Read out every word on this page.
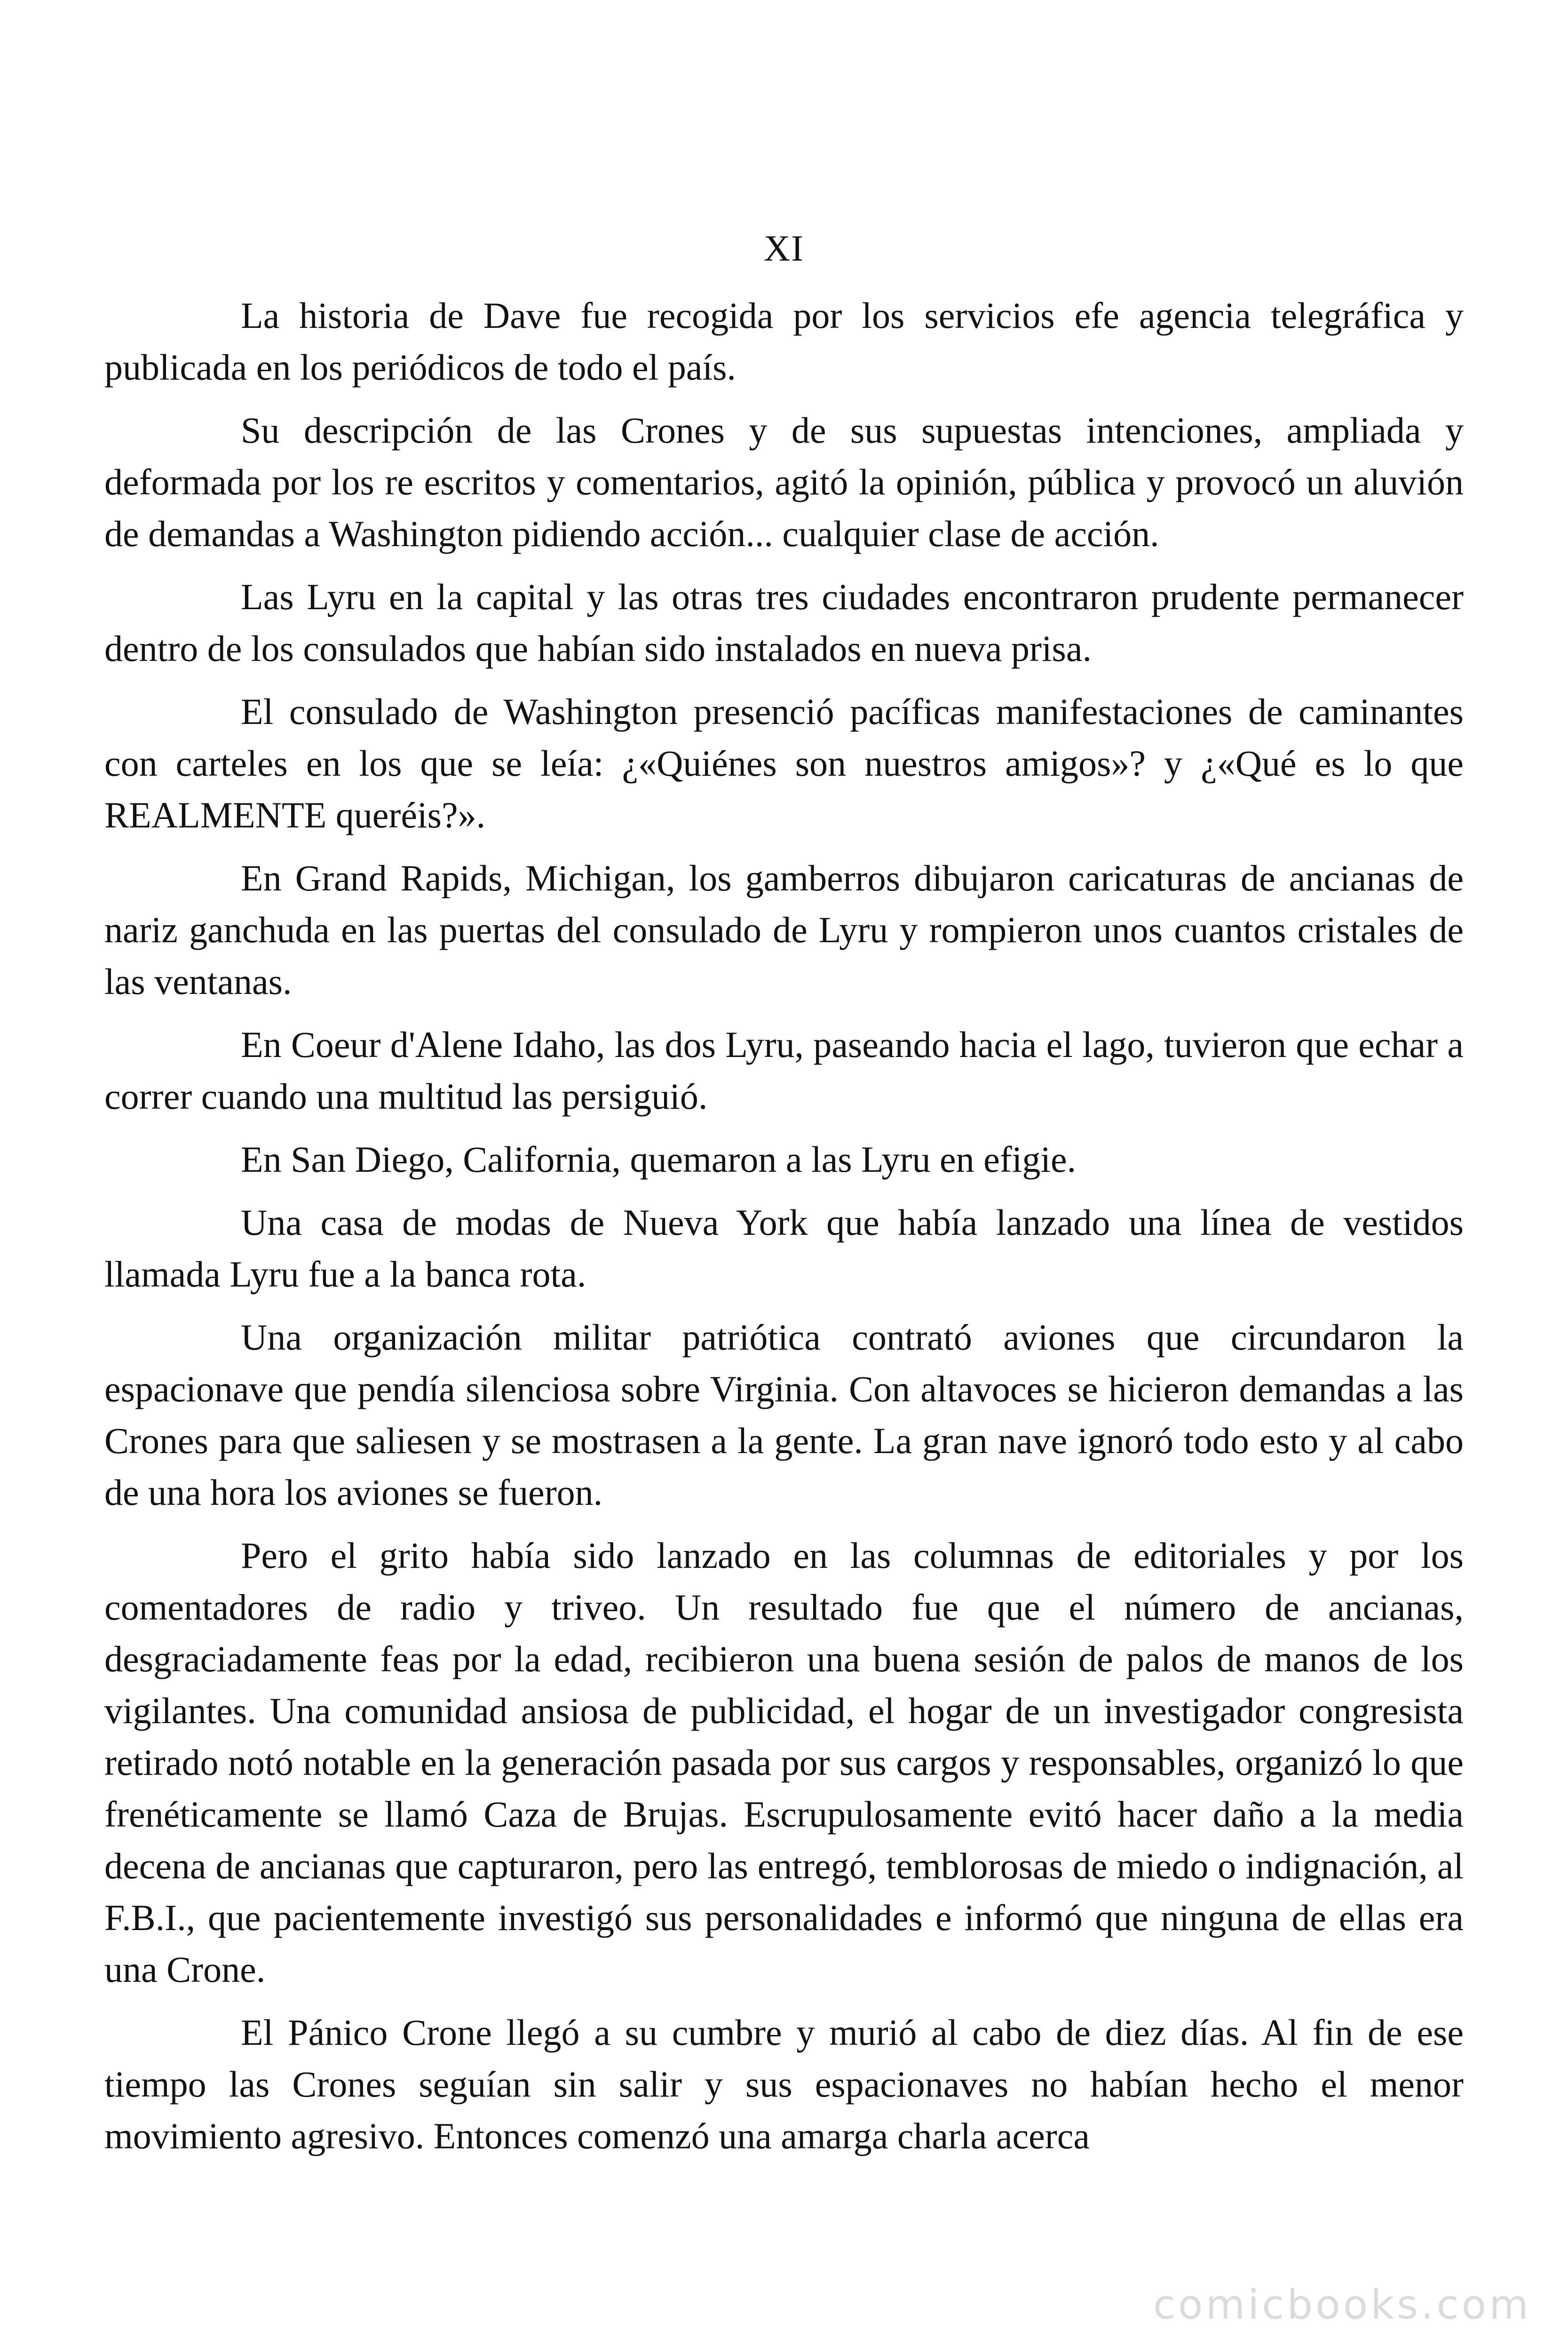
XI

La historia de Dave fue recogida por los servicios efe agencia telegráfica y publicada en los periódicos de todo el país.

Su descripción de las Crones y de sus supuestas intenciones, ampliada y deformada por los re escritos y comentarios, agitó la opinión, pública y provocó un aluvión de demandas a Washington pidiendo acción... cualquier clase de acción.

Las Lyru en la capital y las otras tres ciudades encontraron prudente permanecer dentro de los consulados que habían sido instalados en nueva prisa.

El consulado de Washington presenció pacíficas manifestaciones de caminantes con carteles en los que se leía: ¿«Quiénes son nuestros amigos»? y ¿«Qué es lo que REALMENTE queréis?».

En Grand Rapids, Michigan, los gamberros dibujaron caricaturas de ancianas de nariz ganchuda en las puertas del consulado de Lyru y rompieron unos cuantos cristales de las ventanas.

En Coeur d'Alene Idaho, las dos Lyru, paseando hacia el lago, tuvieron que echar a correr cuando una multitud las persiguió.

En San Diego, California, quemaron a las Lyru en efigie.

Una casa de modas de Nueva York que había lanzado una línea de vestidos llamada Lyru fue a la banca rota.

Una organización militar patriótica contrató aviones que circundaron la espacionave que pendía silenciosa sobre Virginia. Con altavoces se hicieron demandas a las Crones para que saliesen y se mostrasen a la gente. La gran nave ignoró todo esto y al cabo de una hora los aviones se fueron.

Pero el grito había sido lanzado en las columnas de editoriales y por los comentadores de radio y triveo. Un resultado fue que el número de ancianas, desgraciadamente feas por la edad, recibieron una buena sesión de palos de manos de los vigilantes. Una comunidad ansiosa de publicidad, el hogar de un investigador congresista retirado notó notable en la generación pasada por sus cargos y responsables, organizó lo que frenéticamente se llamó Caza de Brujas. Escrupulosamente evitó hacer daño a la media decena de ancianas que capturaron, pero las entregó, temblorosas de miedo o indignación, al F.B.I., que pacientemente investigó sus personalidades e informó que ninguna de ellas era una Crone.

El Pánico Crone llegó a su cumbre y murió al cabo de diez días. Al fin de ese tiempo las Crones seguían sin salir y sus espacionaves no habían hecho el menor movimiento agresivo. Entonces comenzó una amarga charla acerca

comicbooks.com
